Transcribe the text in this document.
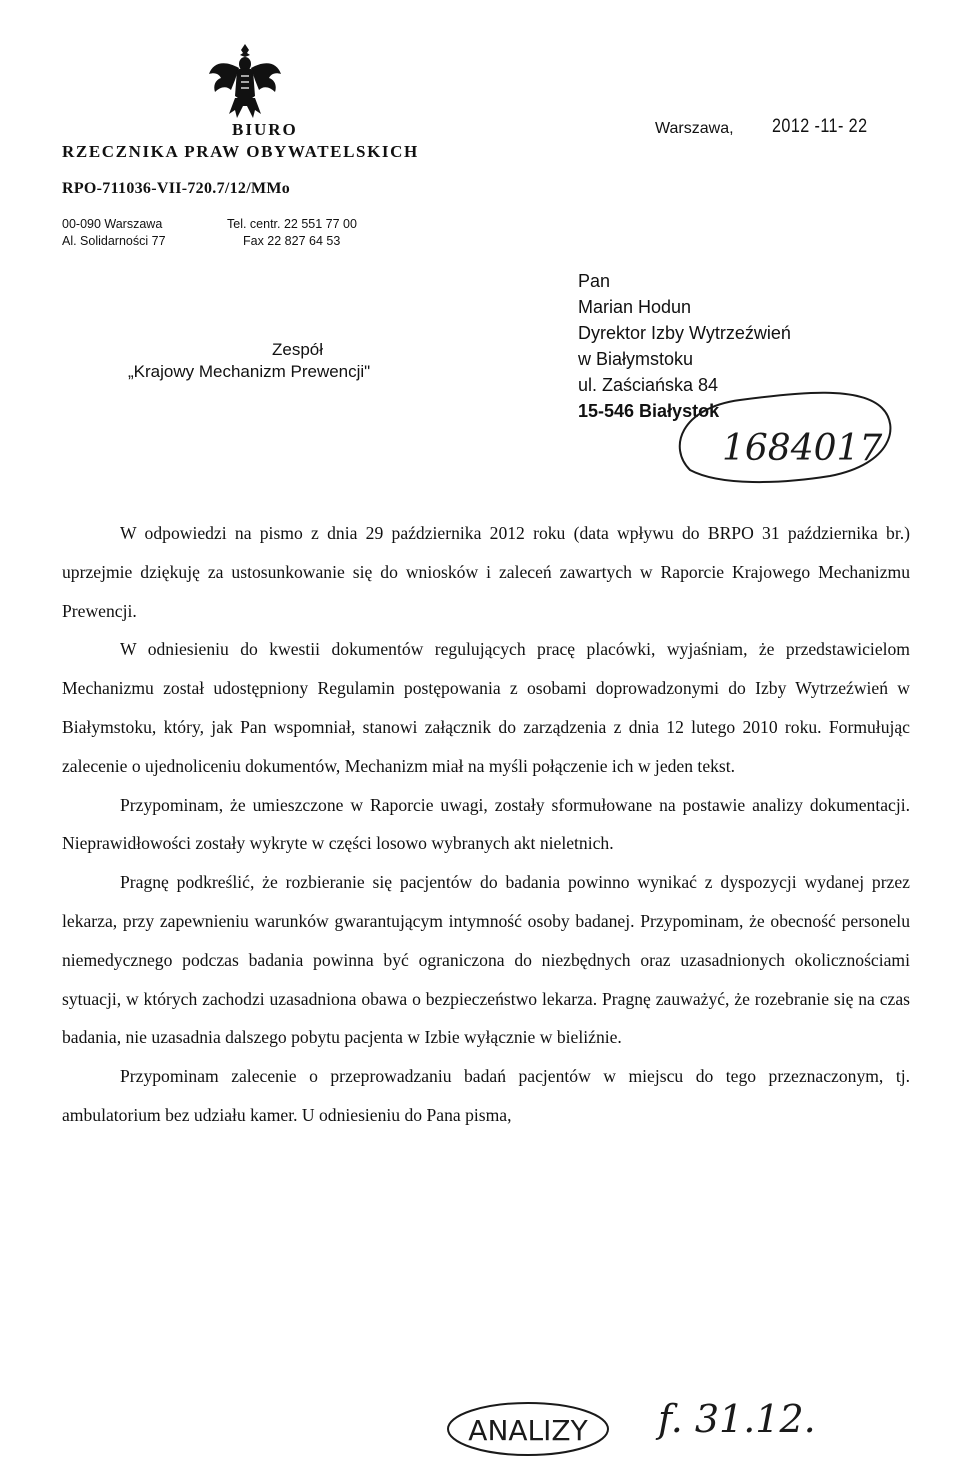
BIURO
RZECZNIKA PRAW OBYWATELSKICH
RPO-711036-VII-720.7/12/MMo
00-090 Warszawa
Al. Solidarności 77
Tel. centr. 22 551 77 00
Fax 22 827 64 53
Warszawa, 2012 -11- 22
Zespół
„Krajowy Mechanizm Prewencji"
Pan
Marian Hodun
Dyrektor Izby Wytrzeźwień
w Białymstoku
ul. Zaściańska 84
15-546 Białystok
1684017

W odpowiedzi na pismo z dnia 29 października 2012 roku (data wpływu do BRPO 31 października br.) uprzejmie dziękuję za ustosunkowanie się do wniosków i zaleceń zawartych w Raporcie Krajowego Mechanizmu Prewencji.

W odniesieniu do kwestii dokumentów regulujących pracę placówki, wyjaśniam, że przedstawicielom Mechanizmu został udostępniony Regulamin postępowania z osobami doprowadzonymi do Izby Wytrzeźwień w Białymstoku, który, jak Pan wspomniał, stanowi załącznik do zarządzenia z dnia 12 lutego 2010 roku. Formułując zalecenie o ujednoliceniu dokumentów, Mechanizm miał na myśli połączenie ich w jeden tekst.

Przypominam, że umieszczone w Raporcie uwagi, zostały sformułowane na postawie analizy dokumentacji. Nieprawidłowości zostały wykryte w części losowo wybranych akt nieletnich.

Pragnę podkreślić, że rozbieranie się pacjentów do badania powinno wynikać z dyspozycji wydanej przez lekarza, przy zapewnieniu warunków gwarantującym intymność osoby badanej. Przypominam, że obecność personelu niemedycznego podczas badania powinna być ograniczona do niezbędnych oraz uzasadnionych okolicznościami sytuacji, w których zachodzi uzasadniona obawa o bezpieczeństwo lekarza. Pragnę zauważyć, że rozebranie się na czas badania, nie uzasadnia dalszego pobytu pacjenta w Izbie wyłącznie w bieliźnie.

Przypominam zalecenie o przeprowadzaniu badań pacjentów w miejscu do tego przeznaczonym, tj. ambulatorium bez udziału kamer. U odniesieniu do Pana pisma,

ANALIZY f. 31.12.
